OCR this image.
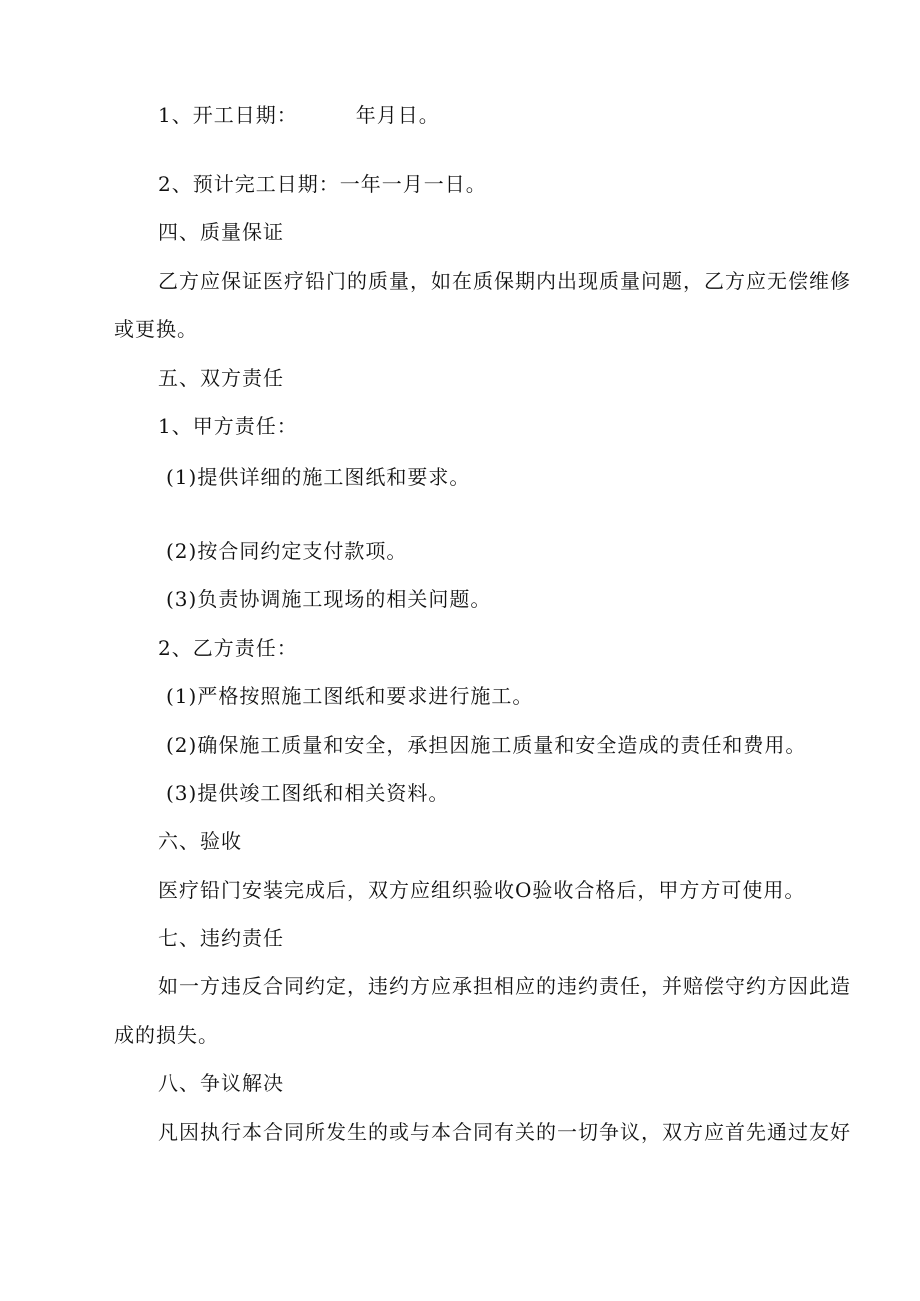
1、开工日期：	年月日。
2、预计完工日期：一年一月一日。
四、质量保证
乙方应保证医疗铅门的质量，如在质保期内出现质量问题，乙方应无偿维修
或更换。
五、双方责任
1、甲方责任：
(1)提供详细的施工图纸和要求。
(2)按合同约定支付款项。
(3)负责协调施工现场的相关问题。
2、乙方责任：
(1)严格按照施工图纸和要求进行施工。
(2)确保施工质量和安全，承担因施工质量和安全造成的责任和费用。
(3)提供竣工图纸和相关资料。
六、验收
医疗铅门安装完成后，双方应组织验收O验收合格后，甲方方可使用。
七、违约责任
如一方违反合同约定，违约方应承担相应的违约责任，并赔偿守约方因此造
成的损失。
八、争议解决
凡因执行本合同所发生的或与本合同有关的一切争议，双方应首先通过友好
